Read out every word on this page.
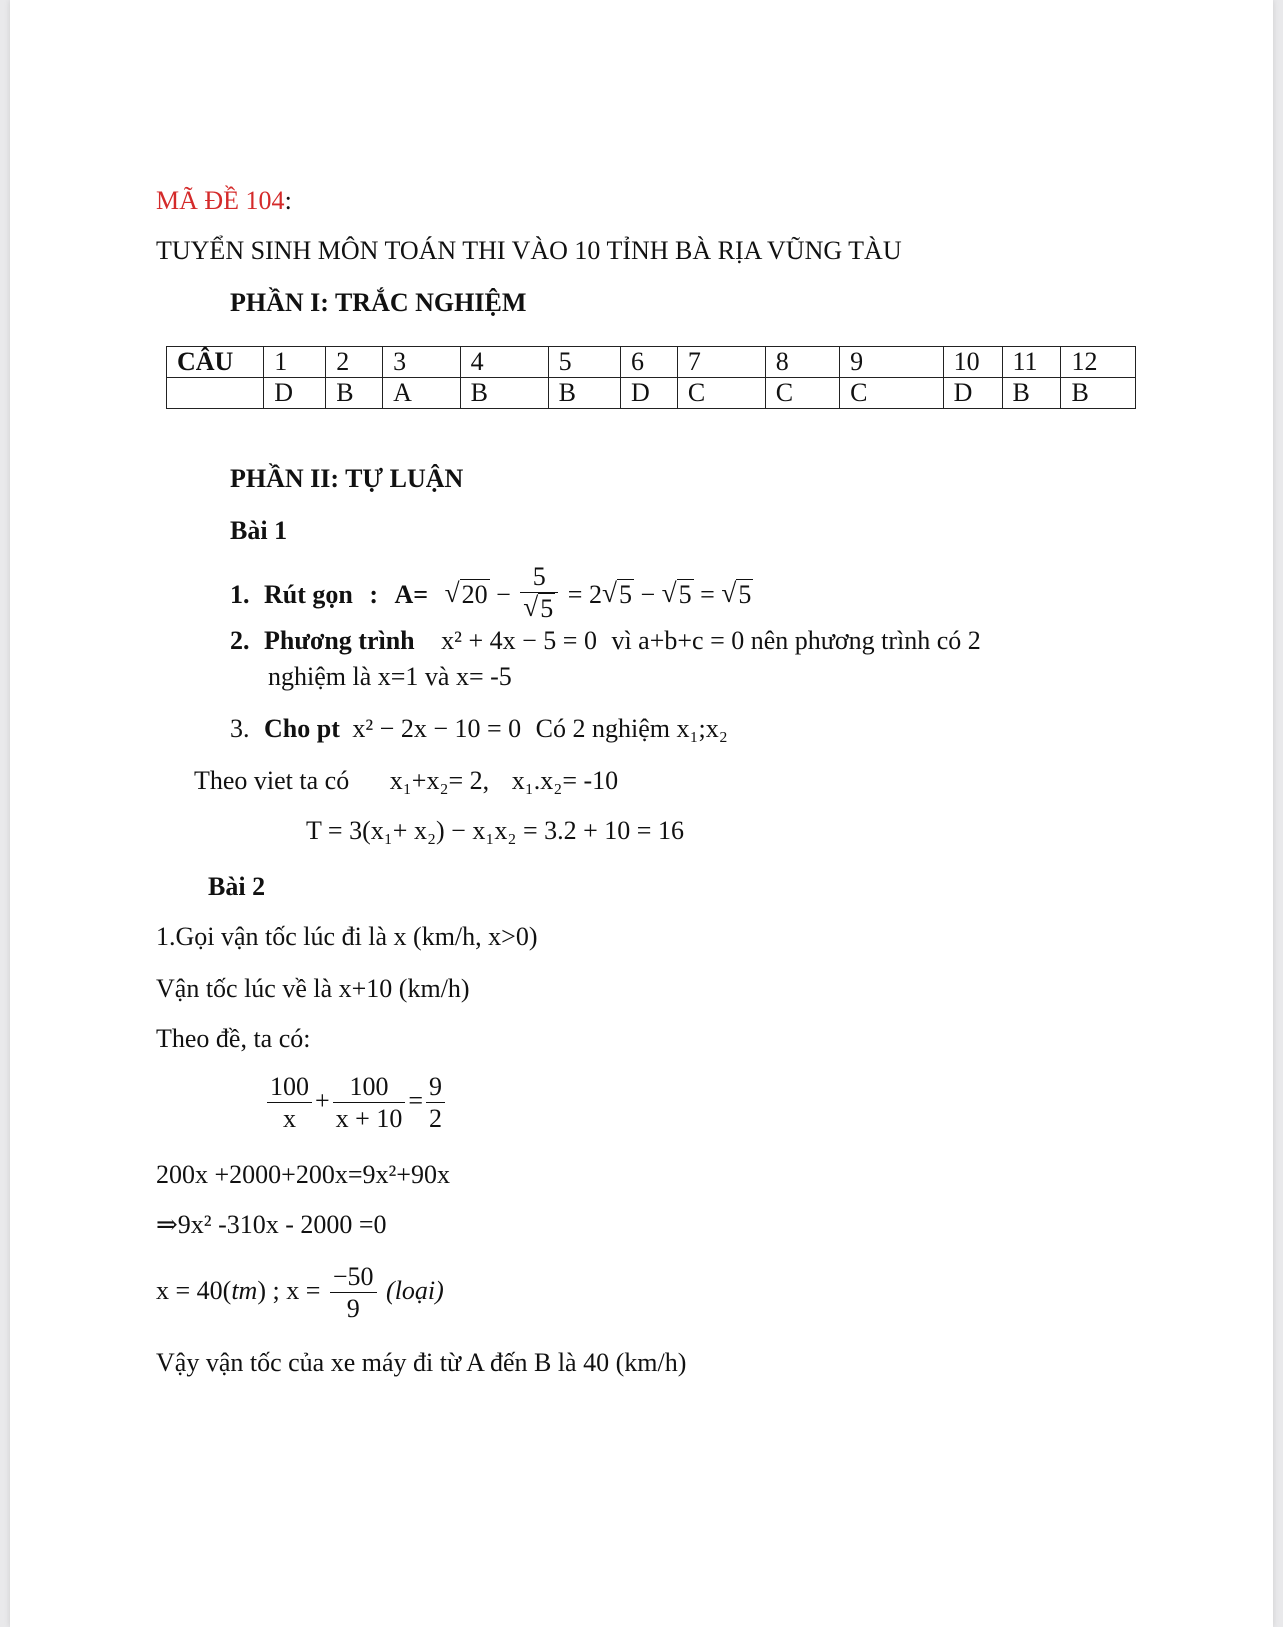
MÃ ĐỀ 104:
TUYỂN SINH MÔN TOÁN THI VÀO 10 TỈNH BÀ RỊA VŨNG TÀU
PHẦN I: TRẮC NGHIỆM
CÂU	1	2	3	4	5	6	7	8	9	10	11	12
	D	B	A	B	B	D	C	C	C	D	B	B
PHẦN II: TỰ LUẬN
Bài 1
1. Rút gọn : A= √ 20 − 5
√ 5 = 2 √ 5 − √ 5 = √ 5
2. Phương trình x² + 4x − 5 = 0 vì a+b+c = 0 nên phương trình có 2
nghiệm là x=1 và x= -5
3. Cho pt x² − 2x − 10 = 0 Có 2 nghiệm x₁;x₂
Theo viet ta có x₁+x₂= 2, x₁.x₂= -10
T = 3(x₁+ x₂) − x₁x₂ = 3.2 + 10 = 16
Bài 2
1.Gọi vận tốc lúc đi là x (km/h, x>0)
Vận tốc lúc về là x+10 (km/h)
Theo đề, ta có:
$\frac{100}{x} + \frac{100}{x + 10} = \frac{9}{2}$
200x +2000+200x=9x²+90x
⇒9x² -310x - 2000 =0
x = 40(tm) ; $x = \frac{-50}{9}$ (loại)
Vậy vận tốc của xe máy đi từ A đến B là 40 (km/h)
